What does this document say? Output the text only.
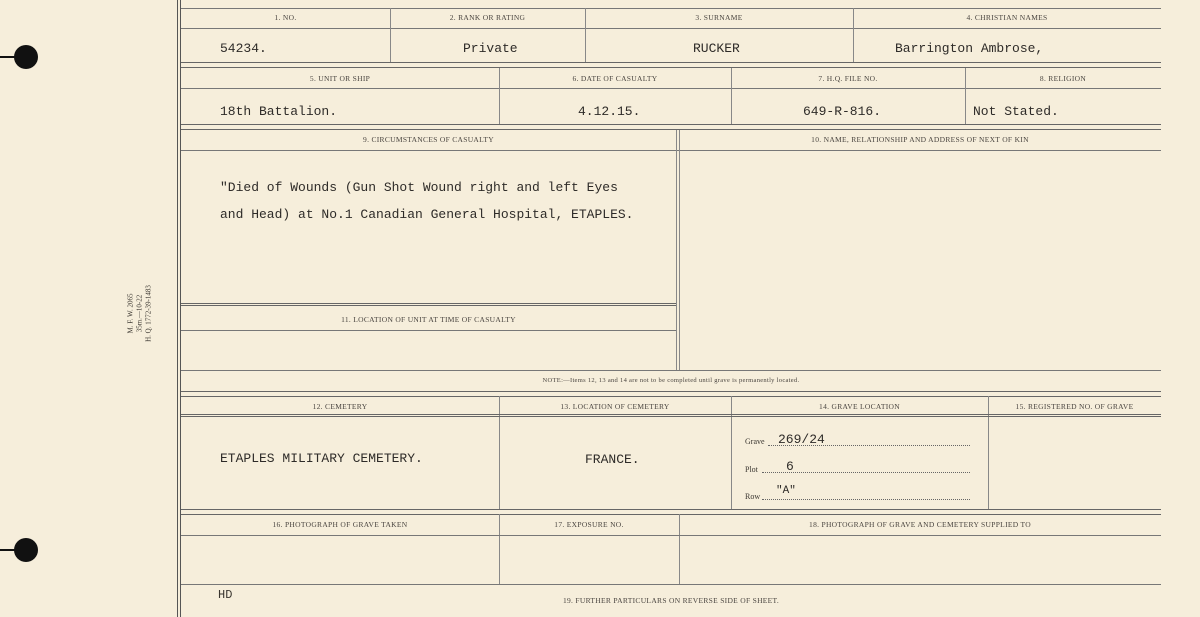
M. F. W. 2065 35m.—10-22 H. Q. 1772-39-1483
1. NO.	2. RANK OR RATING	3. SURNAME	4. CHRISTIAN NAMES
54234.	Private	RUCKER	Barrington Ambrose,
5. UNIT OR SHIP	6. DATE OF CASUALTY	7. H.Q. FILE NO.	8. RELIGION
18th Battalion.	4.12.15.	649-R-816.	Not Stated.
9. CIRCUMSTANCES OF CASUALTY	10. NAME, RELATIONSHIP AND ADDRESS OF NEXT OF KIN
"Died of Wounds (Gun Shot Wound right and left Eyes
and Head) at No.1 Canadian General Hospital, ETAPLES.
11. LOCATION OF UNIT AT TIME OF CASUALTY
NOTE:—Items 12, 13 and 14 are not to be completed until grave is permanently located.
12. CEMETERY	13. LOCATION OF CEMETERY	14. GRAVE LOCATION	15. REGISTERED NO. OF GRAVE
ETAPLES MILITARY CEMETERY.	FRANCE.
Grave 269/24
Plot 6
Row "A"
16. PHOTOGRAPH OF GRAVE TAKEN	17. EXPOSURE NO.	18. PHOTOGRAPH OF GRAVE AND CEMETERY SUPPLIED TO
HD	19. FURTHER PARTICULARS ON REVERSE SIDE OF SHEET.
